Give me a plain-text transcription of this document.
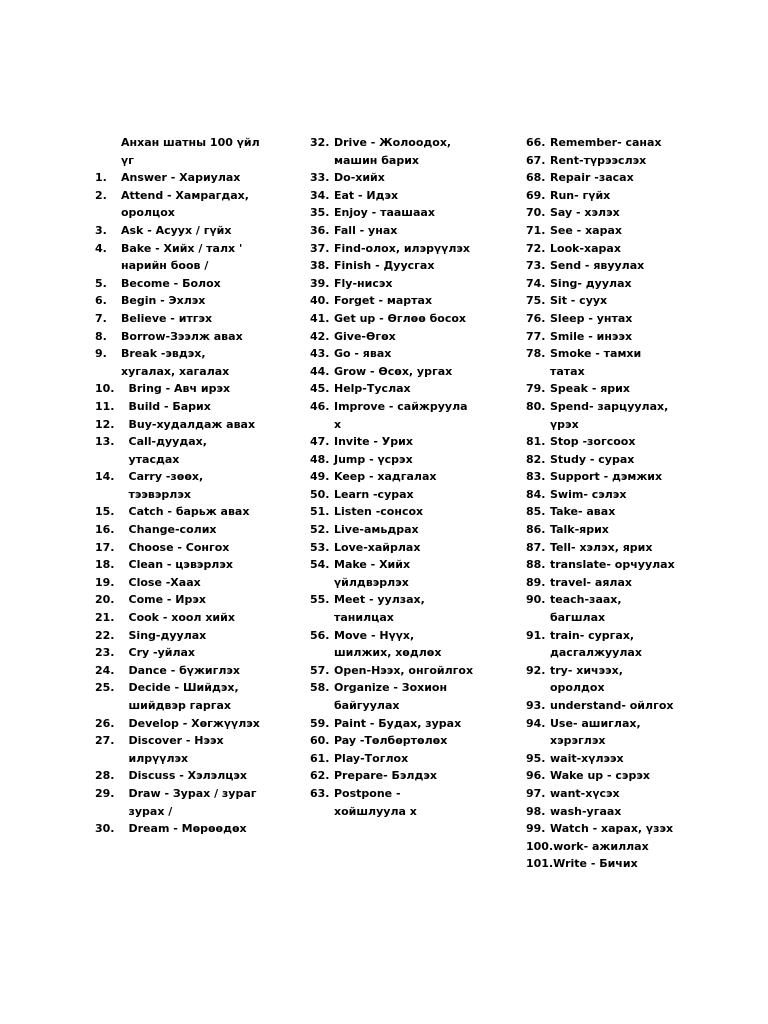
Анхан шатны 100 үйл үг
1. Answer - Хариулах
2. Attend - Хамрагдах, оролцох
3. Ask - Асуух / гүйх
4. Bake - Хийх / талх ' нарийн боов /
5. Become - Болох
6. Begin - Эхлэх
7. Believe - итгэх
8. Borrow-Зээлж авах
9. Break -эвдэх, хугалах, хагалах
10. Bring - Авч ирэх
11. Build - Барих
12. Buy-худалдаж авах
13. Call-дуудах, утасдах
14. Carry -зөөх, тээвэрлэх
15. Catch - барьж авах
16. Change-солих
17. Choose - Сонгох
18. Clean - цэвэрлэх
19. Close -Хаах
20. Come - Ирэх
21. Cook - хоол хийх
22. Sing-дуулах
23. Cry -уйлах
24. Dance - бүжиглэх
25. Decide - Шийдэх, шийдвэр гаргах
26. Develop - Хөгжүүлэх
27. Discover - Нээх илрүүлэх
28. Discuss - Хэлэлцэх
29. Draw - Зурах / зураг зурах /
30. Dream - Мөрөөдөх
32. Drive - Жолоодох, машин барих
33. Do-хийх
34. Eat - Идэх
35. Enjoy - таашаах
36. Fall - унах
37. Find-олох, илэрүүлэх
38. Finish - Дуусгах
39. Fly-нисэх
40. Forget - мартах
41. Get up - Өглөө босох
42. Give-Өгөх
43. Go - явах
44. Grow - Өсөх, ургах
45. Help-Туслах
46. Improve - сайжруула х
47. Invite - Урих
48. Jump - үсрэх
49. Keep - хадгалах
50. Learn -сурах
51. Listen -сонсох
52. Live-амьдрах
53. Love-хайрлах
54. Make - Хийх үйлдвэрлэх
55. Meet - уулзах, танилцах
56. Move - Нүүх, шилжих, хөдлөх
57. Open-Нээх, онгойлгох
58. Organize - Зохион байгуулах
59. Paint - Будах, зурах
60. Pay -Төлбөртөлөх
61. Play-Тоглох
62. Prepare- Бэлдэх
63. Postpone - хойшлуула х
66. Remember- санах
67. Rent-түрээслэх
68. Repair -засах
69. Run- гүйх
70. Say - хэлэх
71. See - харах
72. Look-харах
73. Send - явуулах
74. Sing- дуулах
75. Sit - суух
76. Sleep - унтах
77. Smile - инээх
78. Smoke - тамхи татах
79. Speak - ярих
80. Spend- зарцуулах, үрэх
81. Stop -зогсоох
82. Study - сурах
83. Support - дэмжих
84. Swim- сэлэх
85. Take- авах
86. Talk-ярих
87. Tell- хэлэх, ярих
88. translate- орчуулах
89. travel- аялах
90. teach-заах, багшлах
91. train- сургах, дасгалжуулах
92. try- хичээх, оролдох
93. understand- ойлгох
94. Use- ашиглах, хэрэглэх
95. wait-хүлээх
96. Wake up - сэрэх
97. want-хүсэх
98. wash-угаах
99. Watch - харах, үзэх
100. work- ажиллах
101. Write - Бичих
